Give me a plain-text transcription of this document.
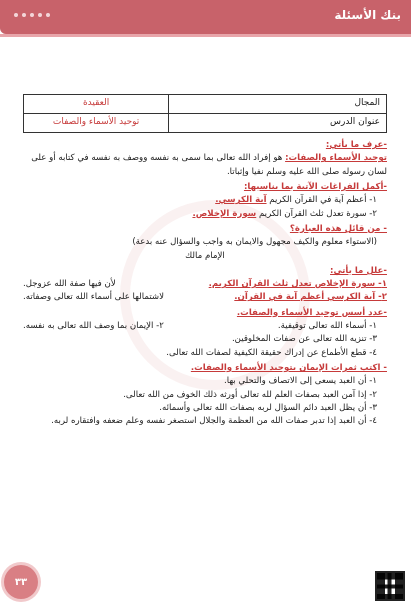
بنك الأسئلة
المجال	العقيدة
عنوان الدرس	توحيد الأسماء والصفات
-عرف ما يأتي:

توحيد الأسماء والصفات: هو إفراد الله تعالى بما سمى به نفسه ووصف به نفسه في كتابه أو على لسان رسوله صلى الله عليه وسلم نفيا وإثباتا.

-أكمل الفراغات الآتية بما يناسبها:

١- أعظم آية في القرآن الكريم آية الكرسي.

٢- سورة تعدل ثلث القرآن الكريم سورة الإخلاص.

- من قائل هذه العبارة؟

(الاستواء معلوم والكيف مجهول والايمان به واجب والسؤال عنه بدعة)

الإمام مالك

-علل ما يأتي:
١- سورة الإخلاص تعدل ثلث القرآن الكريم.
لأن فيها صفة الله عزوجل.
٢- آية الكرسي أعظم آية في القرآن.
لاشتمالها على أسماء الله تعالى وصفاته.
-عدد أسس توحيد الأسماء والصفات.
١- أسماء الله تعالى توقيفية.
٢- الإيمان بما وصف الله تعالى به نفسه.

٣- تنزيه الله تعالى عن صفات المخلوقين.

٤- قطع الأطماع عن إدراك حقيقة الكيفية لصفات الله تعالى.

- اكتب ثمرات الإيمان بتوحيد الأسماء والصفات.

١- أن العبد يسعى إلى الاتصاف والتحلي بها.

٢- إذا آمن العبد بصفات العلم لله تعالى أورثه ذلك الخوف من الله تعالى.

٣- أن يظل العبد دائم السؤال لربه بصفات الله تعالى وأسمائه.

٤- أن العبد إذا تدبر صفات الله من العظمة والجلال استصغر نفسه وعلم ضعفه وافتقاره لربه.

٣٣
